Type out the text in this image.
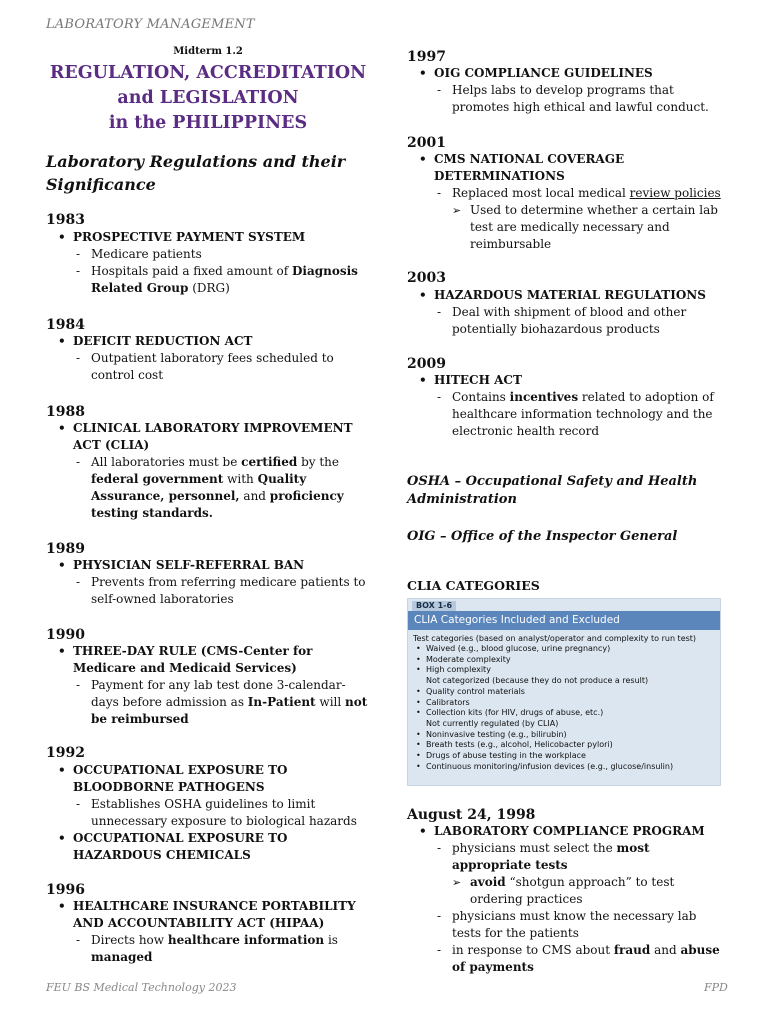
LABORATORY MANAGEMENT
Midterm 1.2
REGULATION, ACCREDITATION
and LEGISLATION
in the PHILIPPINES
Laboratory Regulations and their
Significance
1983
• PROSPECTIVE PAYMENT SYSTEM
- Medicare patients
- Hospitals paid a fixed amount of Diagnosis Related Group (DRG)
1984
• DEFICIT REDUCTION ACT
- Outpatient laboratory fees scheduled to control cost
1988
• CLINICAL LABORATORY IMPROVEMENT ACT (CLIA)
- All laboratories must be certified by the federal government with Quality Assurance, personnel, and proficiency testing standards.
1989
• PHYSICIAN SELF-REFERRAL BAN
- Prevents from referring medicare patients to self-owned laboratories
1990
• THREE-DAY RULE (CMS-Center for Medicare and Medicaid Services)
- Payment for any lab test done 3-calendar-days before admission as In-Patient will not be reimbursed
1992
• OCCUPATIONAL EXPOSURE TO BLOODBORNE PATHOGENS
- Establishes OSHA guidelines to limit unnecessary exposure to biological hazards
• OCCUPATIONAL EXPOSURE TO HAZARDOUS CHEMICALS
1996
• HEALTHCARE INSURANCE PORTABILITY AND ACCOUNTABILITY ACT (HIPAA)
- Directs how healthcare information is managed
1997
• OIG COMPLIANCE GUIDELINES
- Helps labs to develop programs that promotes high ethical and lawful conduct.
2001
• CMS NATIONAL COVERAGE DETERMINATIONS
- Replaced most local medical review policies
➢ Used to determine whether a certain lab test are medically necessary and reimbursable
2003
• HAZARDOUS MATERIAL REGULATIONS
- Deal with shipment of blood and other potentially biohazardous products
2009
• HITECH ACT
- Contains incentives related to adoption of healthcare information technology and the electronic health record
OSHA – Occupational Safety and Health Administration
OIG – Office of the Inspector General
CLIA CATEGORIES
BOX 1-6
CLIA Categories Included and Excluded
Test categories (based on analyst/operator and complexity to run test)
• Waived (e.g., blood glucose, urine pregnancy)
• Moderate complexity
• High complexity
Not categorized (because they do not produce a result)
• Quality control materials
• Calibrators
• Collection kits (for HIV, drugs of abuse, etc.)
Not currently regulated (by CLIA)
• Noninvasive testing (e.g., bilirubin)
• Breath tests (e.g., alcohol, Helicobacter pylori)
• Drugs of abuse testing in the workplace
• Continuous monitoring/infusion devices (e.g., glucose/insulin)
August 24, 1998
• LABORATORY COMPLIANCE PROGRAM
- physicians must select the most appropriate tests
➢ avoid “shotgun approach” to test ordering practices
- physicians must know the necessary lab tests for the patients
- in response to CMS about fraud and abuse of payments
FEU BS Medical Technology 2023	FPD
